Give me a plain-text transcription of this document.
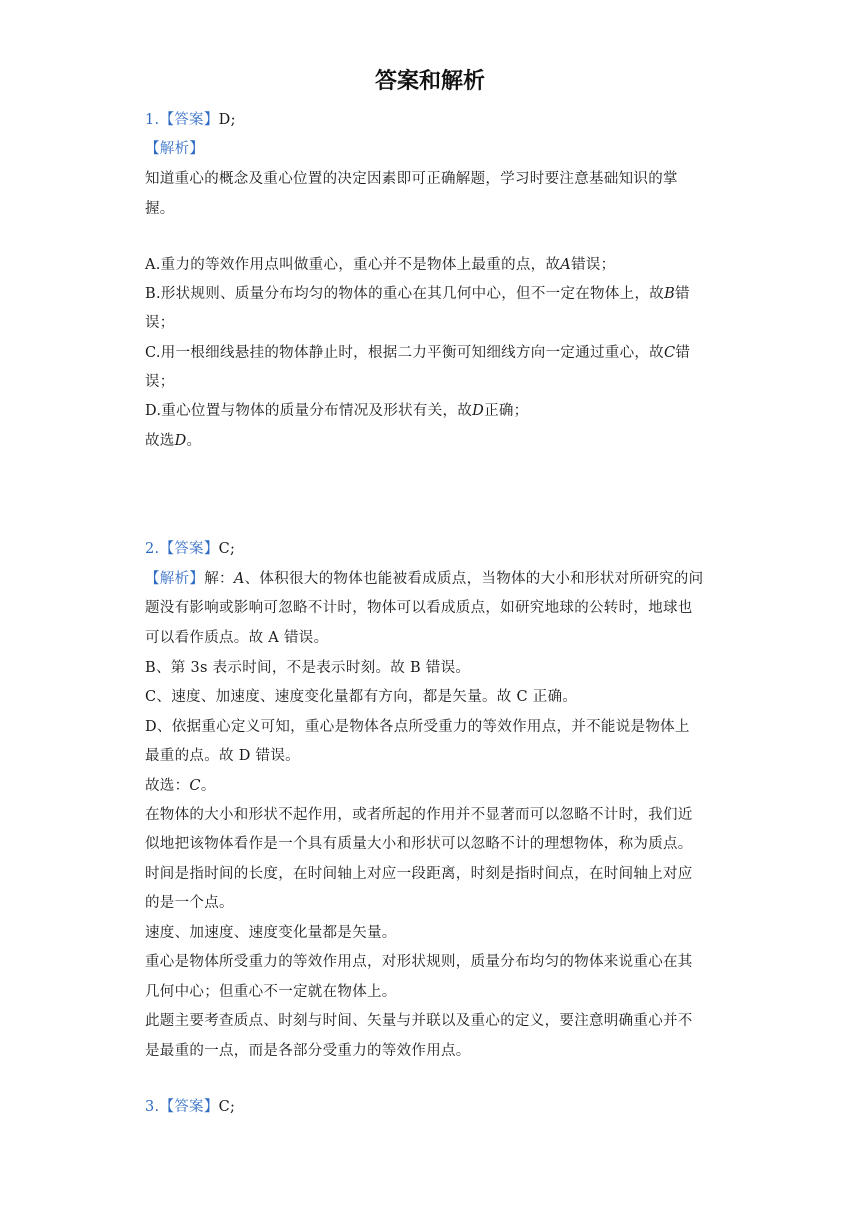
答案和解析
1.【答案】D;
【解析】
知道重心的概念及重心位置的决定因素即可正确解题，学习时要注意基础知识的掌
握。
A.重力的等效作用点叫做重心，重心并不是物体上最重的点，故A错误；
B.形状规则、质量分布均匀的物体的重心在其几何中心，但不一定在物体上，故B错
误；
C.用一根细线悬挂的物体静止时，根据二力平衡可知细线方向一定通过重心，故C错
误；
D.重心位置与物体的质量分布情况及形状有关，故D正确；
故选D。
2.【答案】C;
【解析】解：A、体积很大的物体也能被看成质点，当物体的大小和形状对所研究的问
题没有影响或影响可忽略不计时，物体可以看成质点，如研究地球的公转时，地球也
可以看作质点。故 A 错误。
B、第 3s 表示时间，不是表示时刻。故 B 错误。
C、速度、加速度、速度变化量都有方向，都是矢量。故 C 正确。
D、依据重心定义可知，重心是物体各点所受重力的等效作用点，并不能说是物体上
最重的点。故 D 错误。
故选：C。
在物体的大小和形状不起作用，或者所起的作用并不显著而可以忽略不计时，我们近
似地把该物体看作是一个具有质量大小和形状可以忽略不计的理想物体，称为质点。
时间是指时间的长度，在时间轴上对应一段距离，时刻是指时间点，在时间轴上对应
的是一个点。
速度、加速度、速度变化量都是矢量。
重心是物体所受重力的等效作用点，对形状规则，质量分布均匀的物体来说重心在其
几何中心；但重心不一定就在物体上。
此题主要考查质点、时刻与时间、矢量与并联以及重心的定义，要注意明确重心并不
是最重的一点，而是各部分受重力的等效作用点。
3.【答案】C;
